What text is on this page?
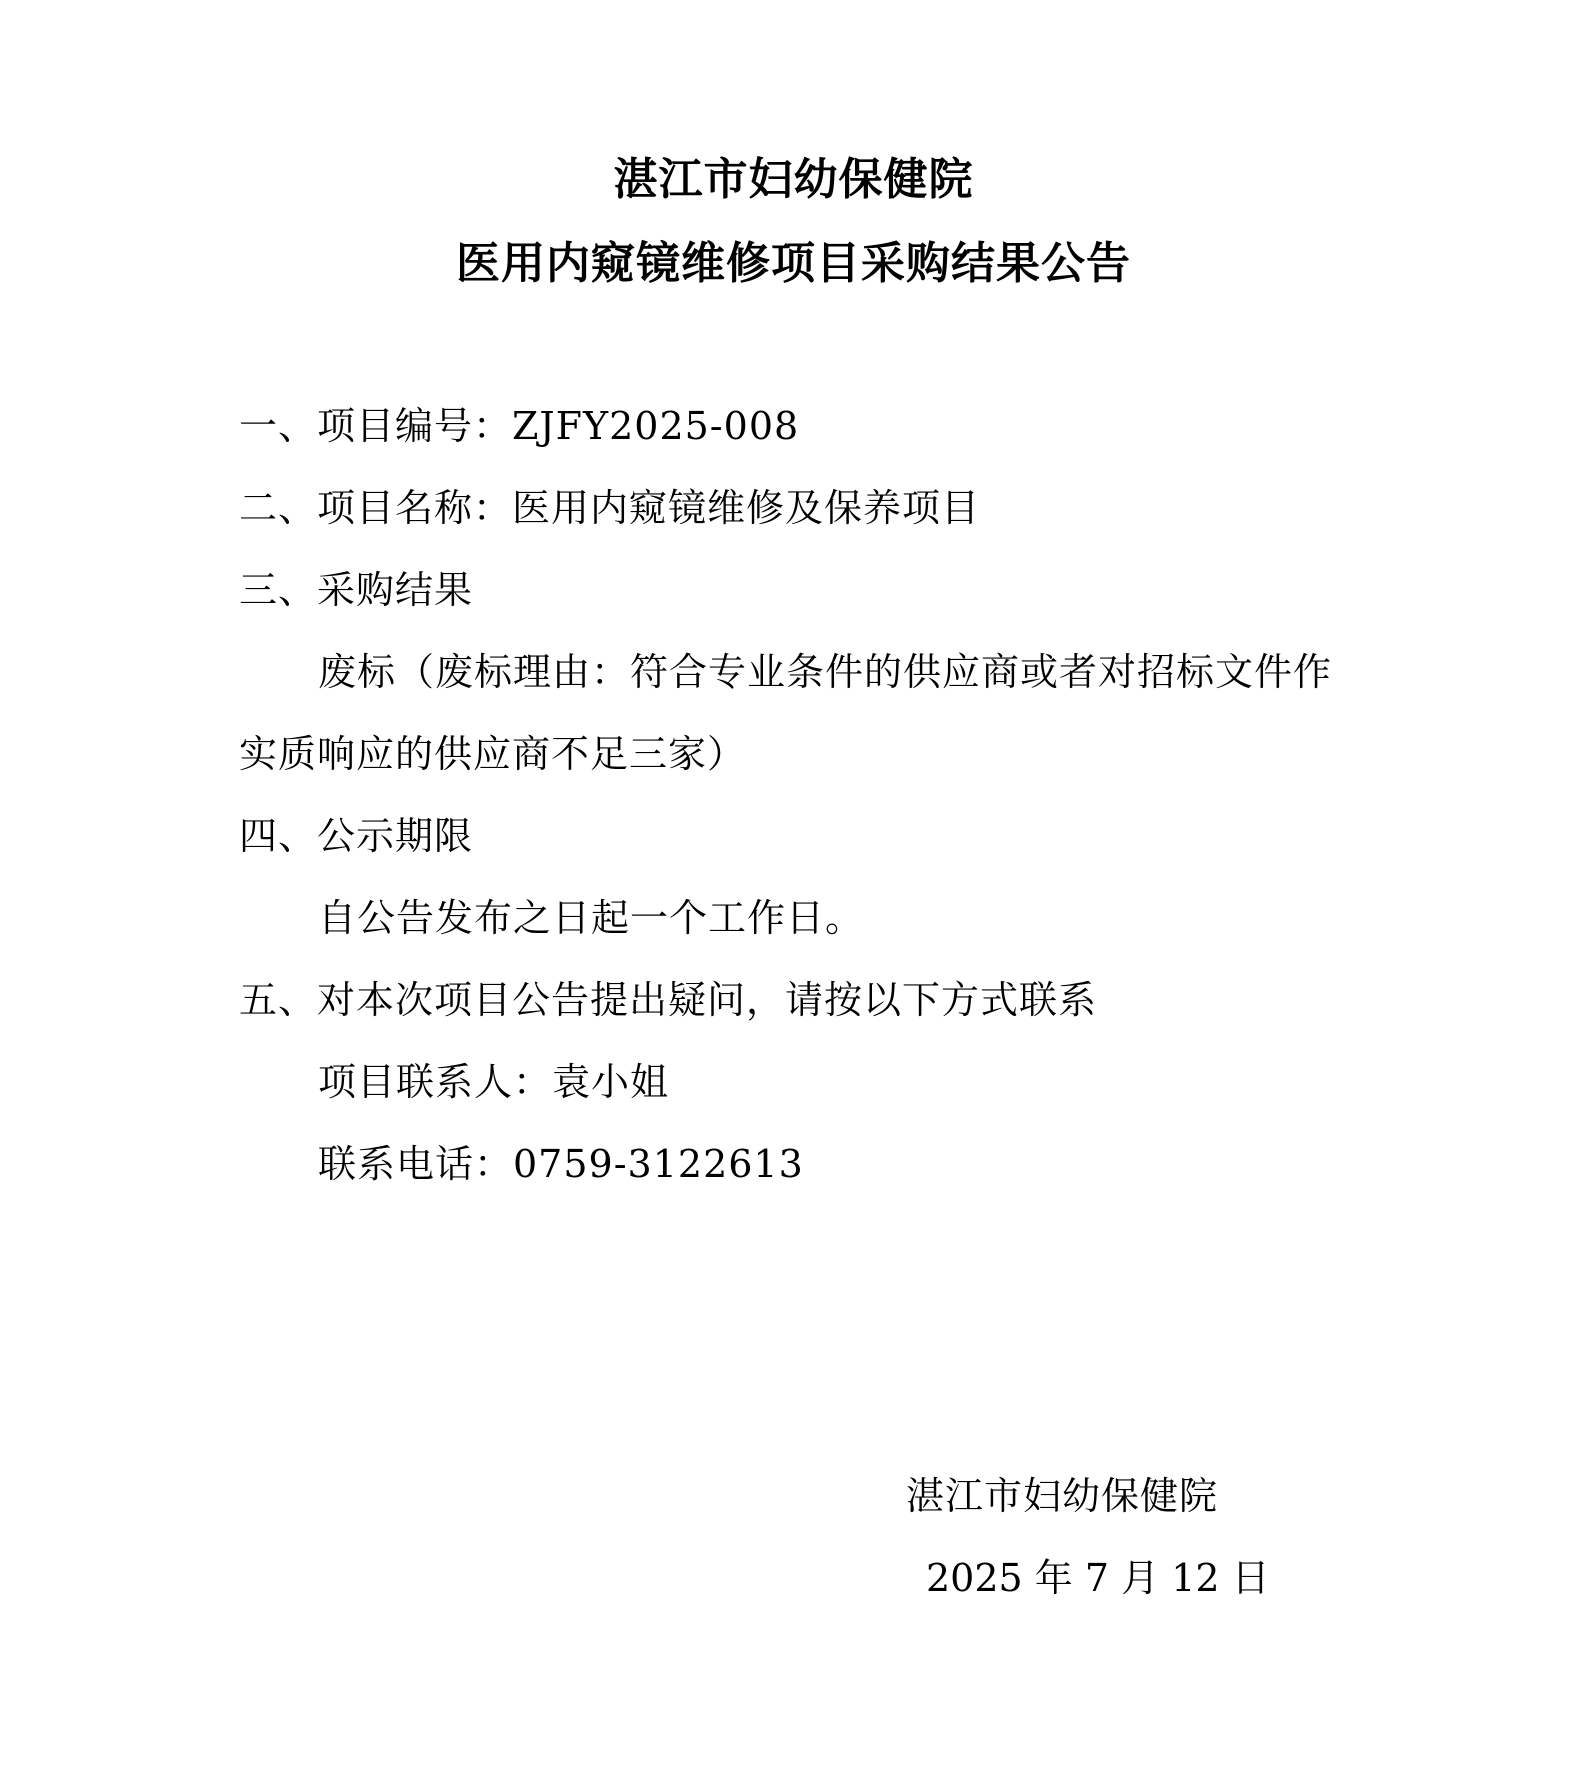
湛江市妇幼保健院
医用内窥镜维修项目采购结果公告
一、项目编号：ZJFY2025-008
二、项目名称：医用内窥镜维修及保养项目
三、采购结果
废标（废标理由：符合专业条件的供应商或者对招标文件作
实质响应的供应商不足三家）
四、公示期限
自公告发布之日起一个工作日。
五、对本次项目公告提出疑问，请按以下方式联系
项目联系人：袁小姐
联系电话：0759-3122613
湛江市妇幼保健院
2025 年 7 月 12 日
